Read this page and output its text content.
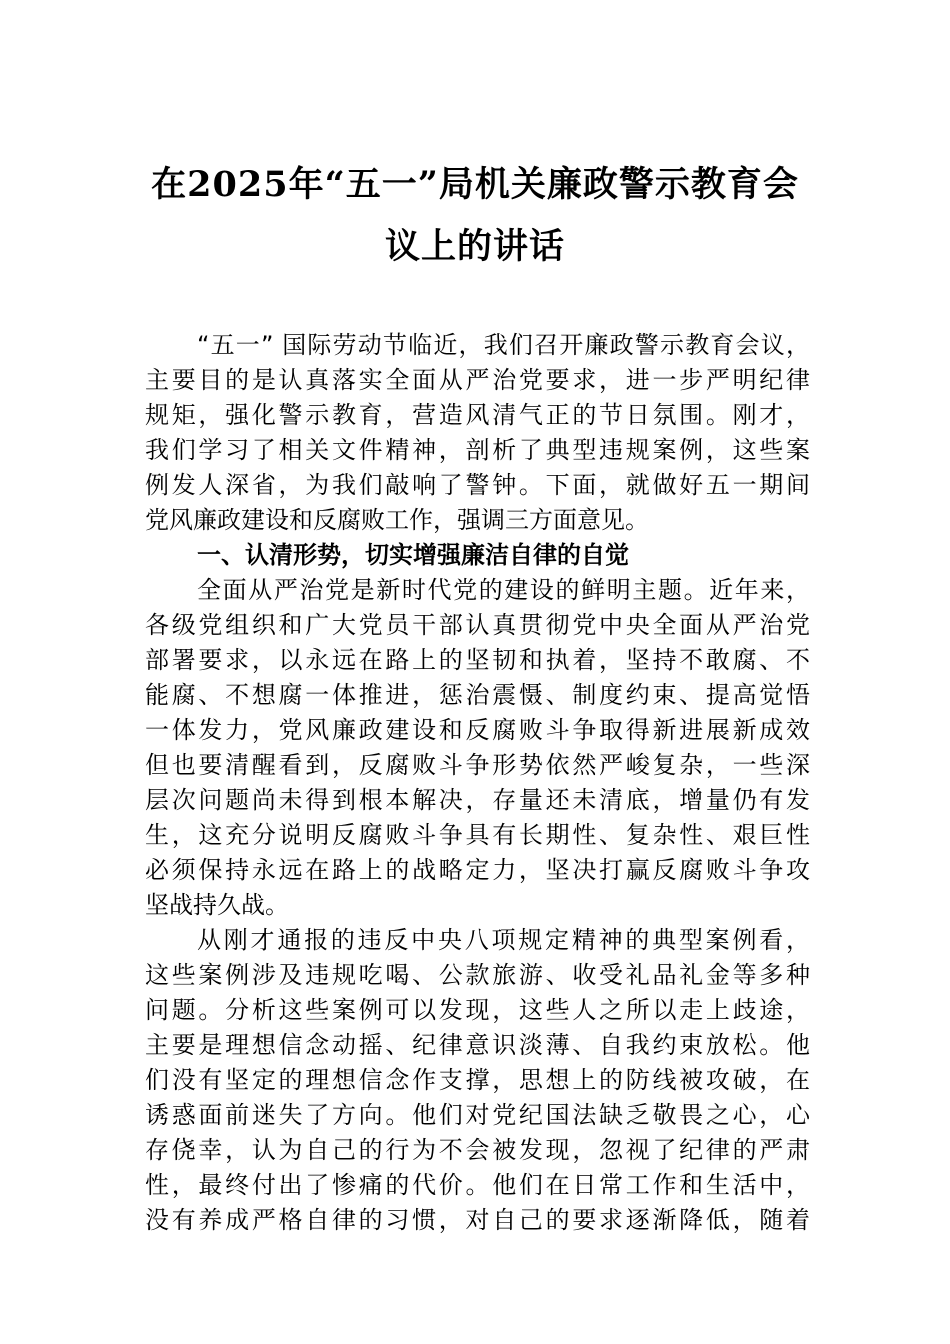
在2025年“五一”局机关廉政警示教育会
议上的讲话
“五一” 国际劳动节临近，我们召开廉政警示教育会议，
主要目的是认真落实全面从严治党要求，进一步严明纪律
规矩，强化警示教育，营造风清气正的节日氛围。刚才，
我们学习了相关文件精神，剖析了典型违规案例，这些案
例发人深省，为我们敲响了警钟。下面，就做好五一期间
党风廉政建设和反腐败工作，强调三方面意见。
一、认清形势，切实增强廉洁自律的自觉
全面从严治党是新时代党的建设的鲜明主题。近年来，
各级党组织和广大党员干部认真贯彻党中央全面从严治党
部署要求，以永远在路上的坚韧和执着，坚持不敢腐、不
能腐、不想腐一体推进，惩治震慑、制度约束、提高觉悟
一体发力，党风廉政建设和反腐败斗争取得新进展新成效
但也要清醒看到，反腐败斗争形势依然严峻复杂，一些深
层次问题尚未得到根本解决，存量还未清底，增量仍有发
生，这充分说明反腐败斗争具有长期性、复杂性、艰巨性
必须保持永远在路上的战略定力，坚决打赢反腐败斗争攻
坚战持久战。
从刚才通报的违反中央八项规定精神的典型案例看，
这些案例涉及违规吃喝、公款旅游、收受礼品礼金等多种
问题。分析这些案例可以发现，这些人之所以走上歧途，
主要是理想信念动摇、纪律意识淡薄、自我约束放松。他
们没有坚定的理想信念作支撑，思想上的防线被攻破，在
诱惑面前迷失了方向。他们对党纪国法缺乏敬畏之心，心
存侥幸，认为自己的行为不会被发现，忽视了纪律的严肃
性，最终付出了惨痛的代价。他们在日常工作和生活中，
没有养成严格自律的习惯，对自己的要求逐渐降低，随着
